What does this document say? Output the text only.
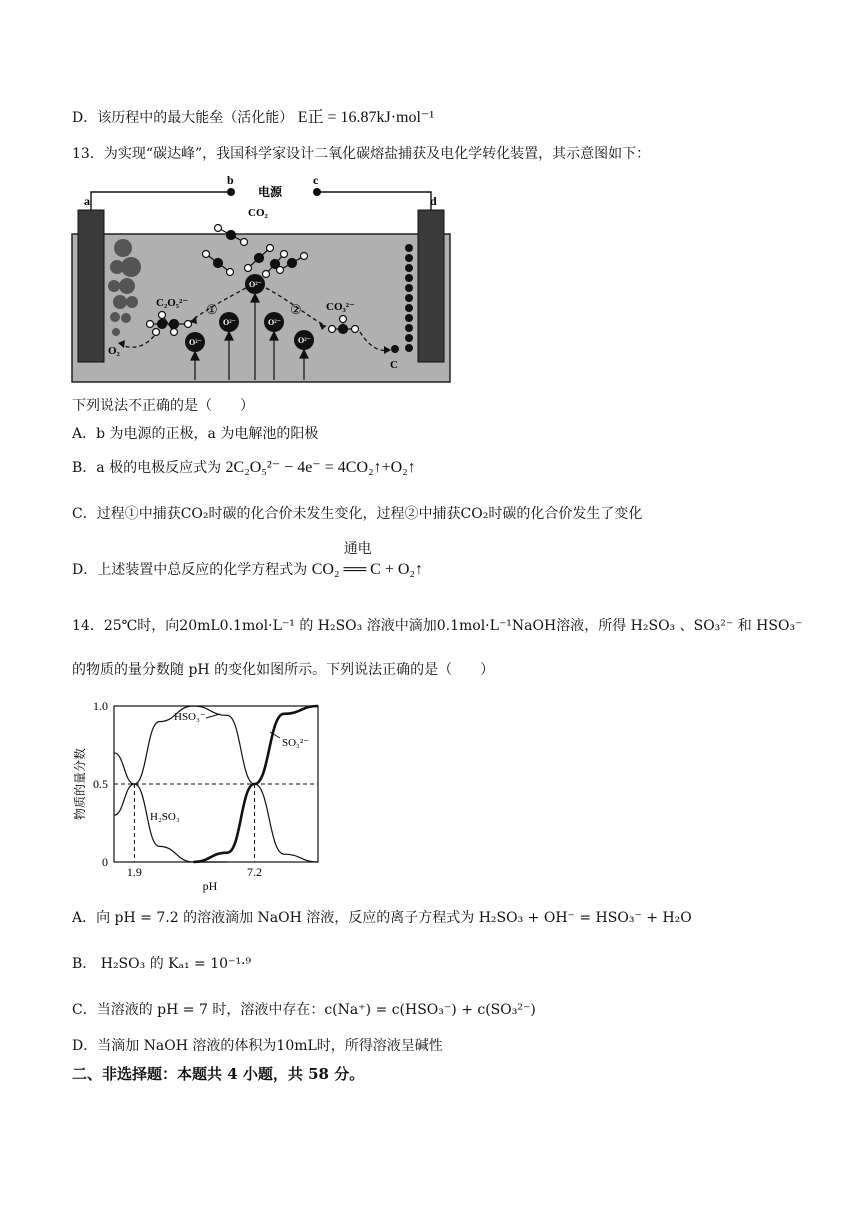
D．该历程中的最大能垒（活化能） E正 = 16.87kJ·mol⁻¹
13．为实现“碳达峰”，我国科学家设计二氧化碳熔盐捕获及电化学转化装置，其示意图如下：
a
b	c
d
电源
CO₂
O₂
C
C₂O₅²⁻	CO₃²⁻
O²⁻
O²⁻	O²⁻
O²⁻	O²⁻
①	②
下列说法不正确的是（　　）
A．b 为电源的正极，a 为电解池的阳极
B．a 极的电极反应式为 2C₂O₅²⁻ − 4e⁻ = 4CO₂↑+O₂↑
C．过程①中捕获CO₂时碳的化合价未发生变化，过程②中捕获CO₂时碳的化合价发生了变化
D．上述装置中总反应的化学方程式为
通电
CO₂ ══ C + O₂↑
14．25℃时，向20mL0.1mol·L⁻¹ 的 H₂SO₃ 溶液中滴加0.1mol·L⁻¹NaOH溶液，所得 H₂SO₃ 、SO₃²⁻ 和 HSO₃⁻
的物质的量分数随 pH 的变化如图所示。下列说法正确的是（　　）
1.9	7.2
0
0.5
1.0
pH
物质的量分数	H₂SO₃
HSO₃⁻
SO₃²⁻
A．向 pH = 7.2 的溶液滴加 NaOH 溶液，反应的离子方程式为 H₂SO₃ + OH⁻ = HSO₃⁻ + H₂O
B． H₂SO₃ 的 Kₐ₁ = 10⁻¹·⁹
C．当溶液的 pH = 7 时，溶液中存在：c(Na⁺) = c(HSO₃⁻) + c(SO₃²⁻)
D．当滴加 NaOH 溶液的体积为10mL时，所得溶液呈碱性
二、非选择题：本题共 4 小题，共 58 分。
